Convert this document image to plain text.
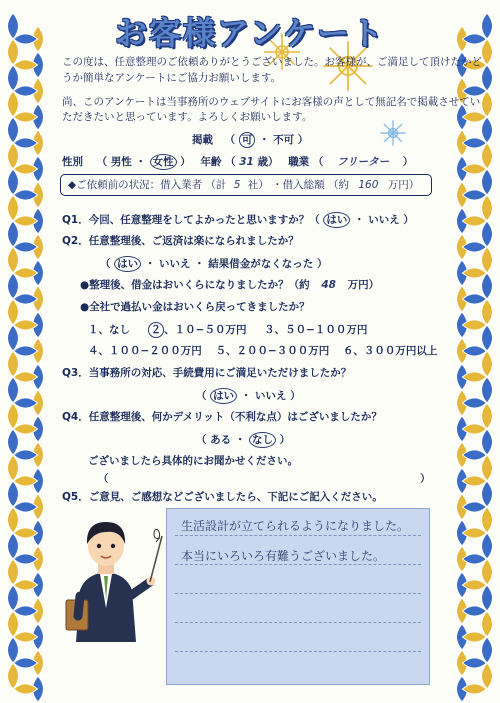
お客様アンケート
この度は、任意整理のご依頼ありがとうございました。お客様が、ご満足して頂けたかど
うか簡単なアンケートにご協力お願いします。
尚、このアンケートは当事務所のウェブサイトにお客様の声として無記名で掲載させてい
ただきたいと思っています。よろしくお願いします。
掲載 （ 可 ・ 不可 ）
性別 （ 男性 ・ 女性 ） 年齢 （ 31 歳） 職業 （ フリーター ）
◆ご依頼前の状況：借入業者 （計 5 社） ・借入総額 （約 160 万円）
Q1．今回、任意整理をしてよかったと思いますか？（ はい ・ いいえ ）
Q2．任意整理後、ご返済は楽になられましたか？
（ はい ・ いいえ ・ 結果借金がなくなった ）
●整理後、借金はおいくらになりましたか？（約 48 万円）
●全社で過払い金はおいくら戻ってきましたか？
１、なし ２ 、１０−５０万円 ３、５０−１００万円
４、１００−２００万円 ５、２００−３００万円 ６、３００万円以上
Q3．当事務所の対応、手続費用にご満足いただけましたか？
（ はい ・ いいえ ）
Q4．任意整理後、何かデメリット（不利な点）はございましたか？
（ ある ・ なし ）
ございましたら具体的にお聞かせください。
（	）
Q5．ご意見、ご感想などございましたら、下記にご記入ください。
生活設計が立てられるようになりました。
本当にいろいろ有難うございました。
